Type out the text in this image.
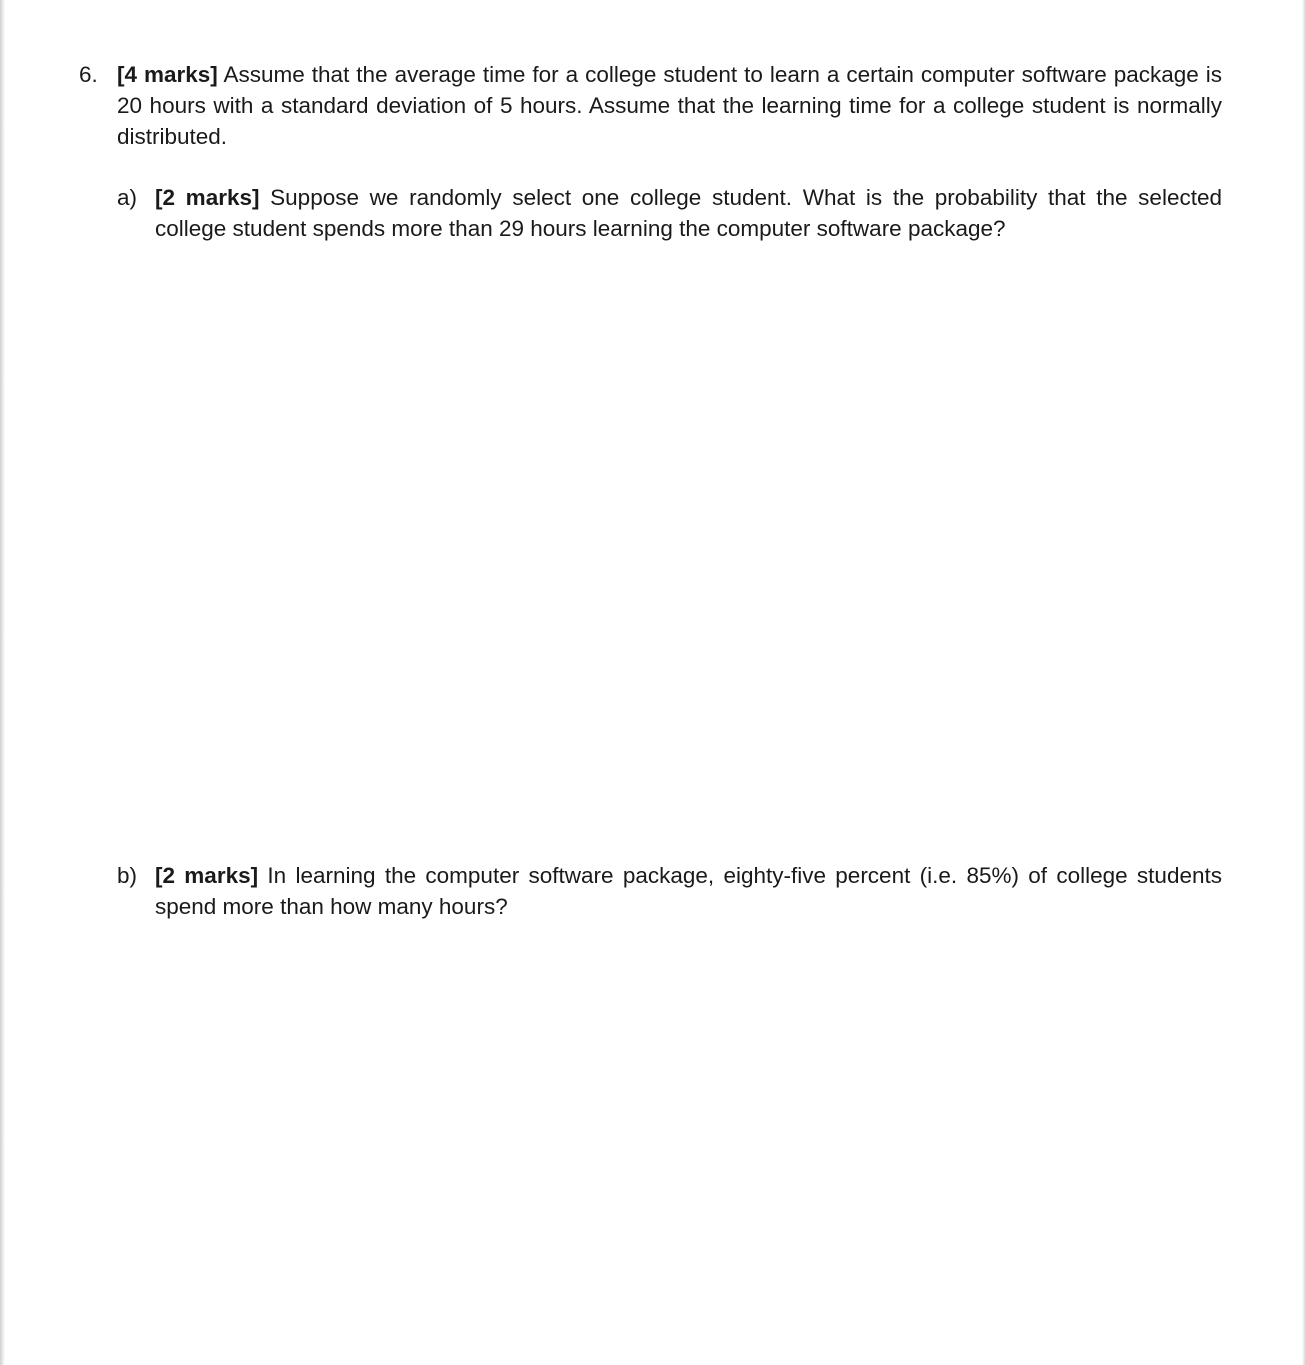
6. [4 marks] Assume that the average time for a college student to learn a certain computer software package is 20 hours with a standard deviation of 5 hours. Assume that the learning time for a college student is normally distributed.

a) [2 marks] Suppose we randomly select one college student. What is the probability that the selected college student spends more than 29 hours learning the computer software package?

b) [2 marks] In learning the computer software package, eighty-five percent (i.e. 85%) of college students spend more than how many hours?
